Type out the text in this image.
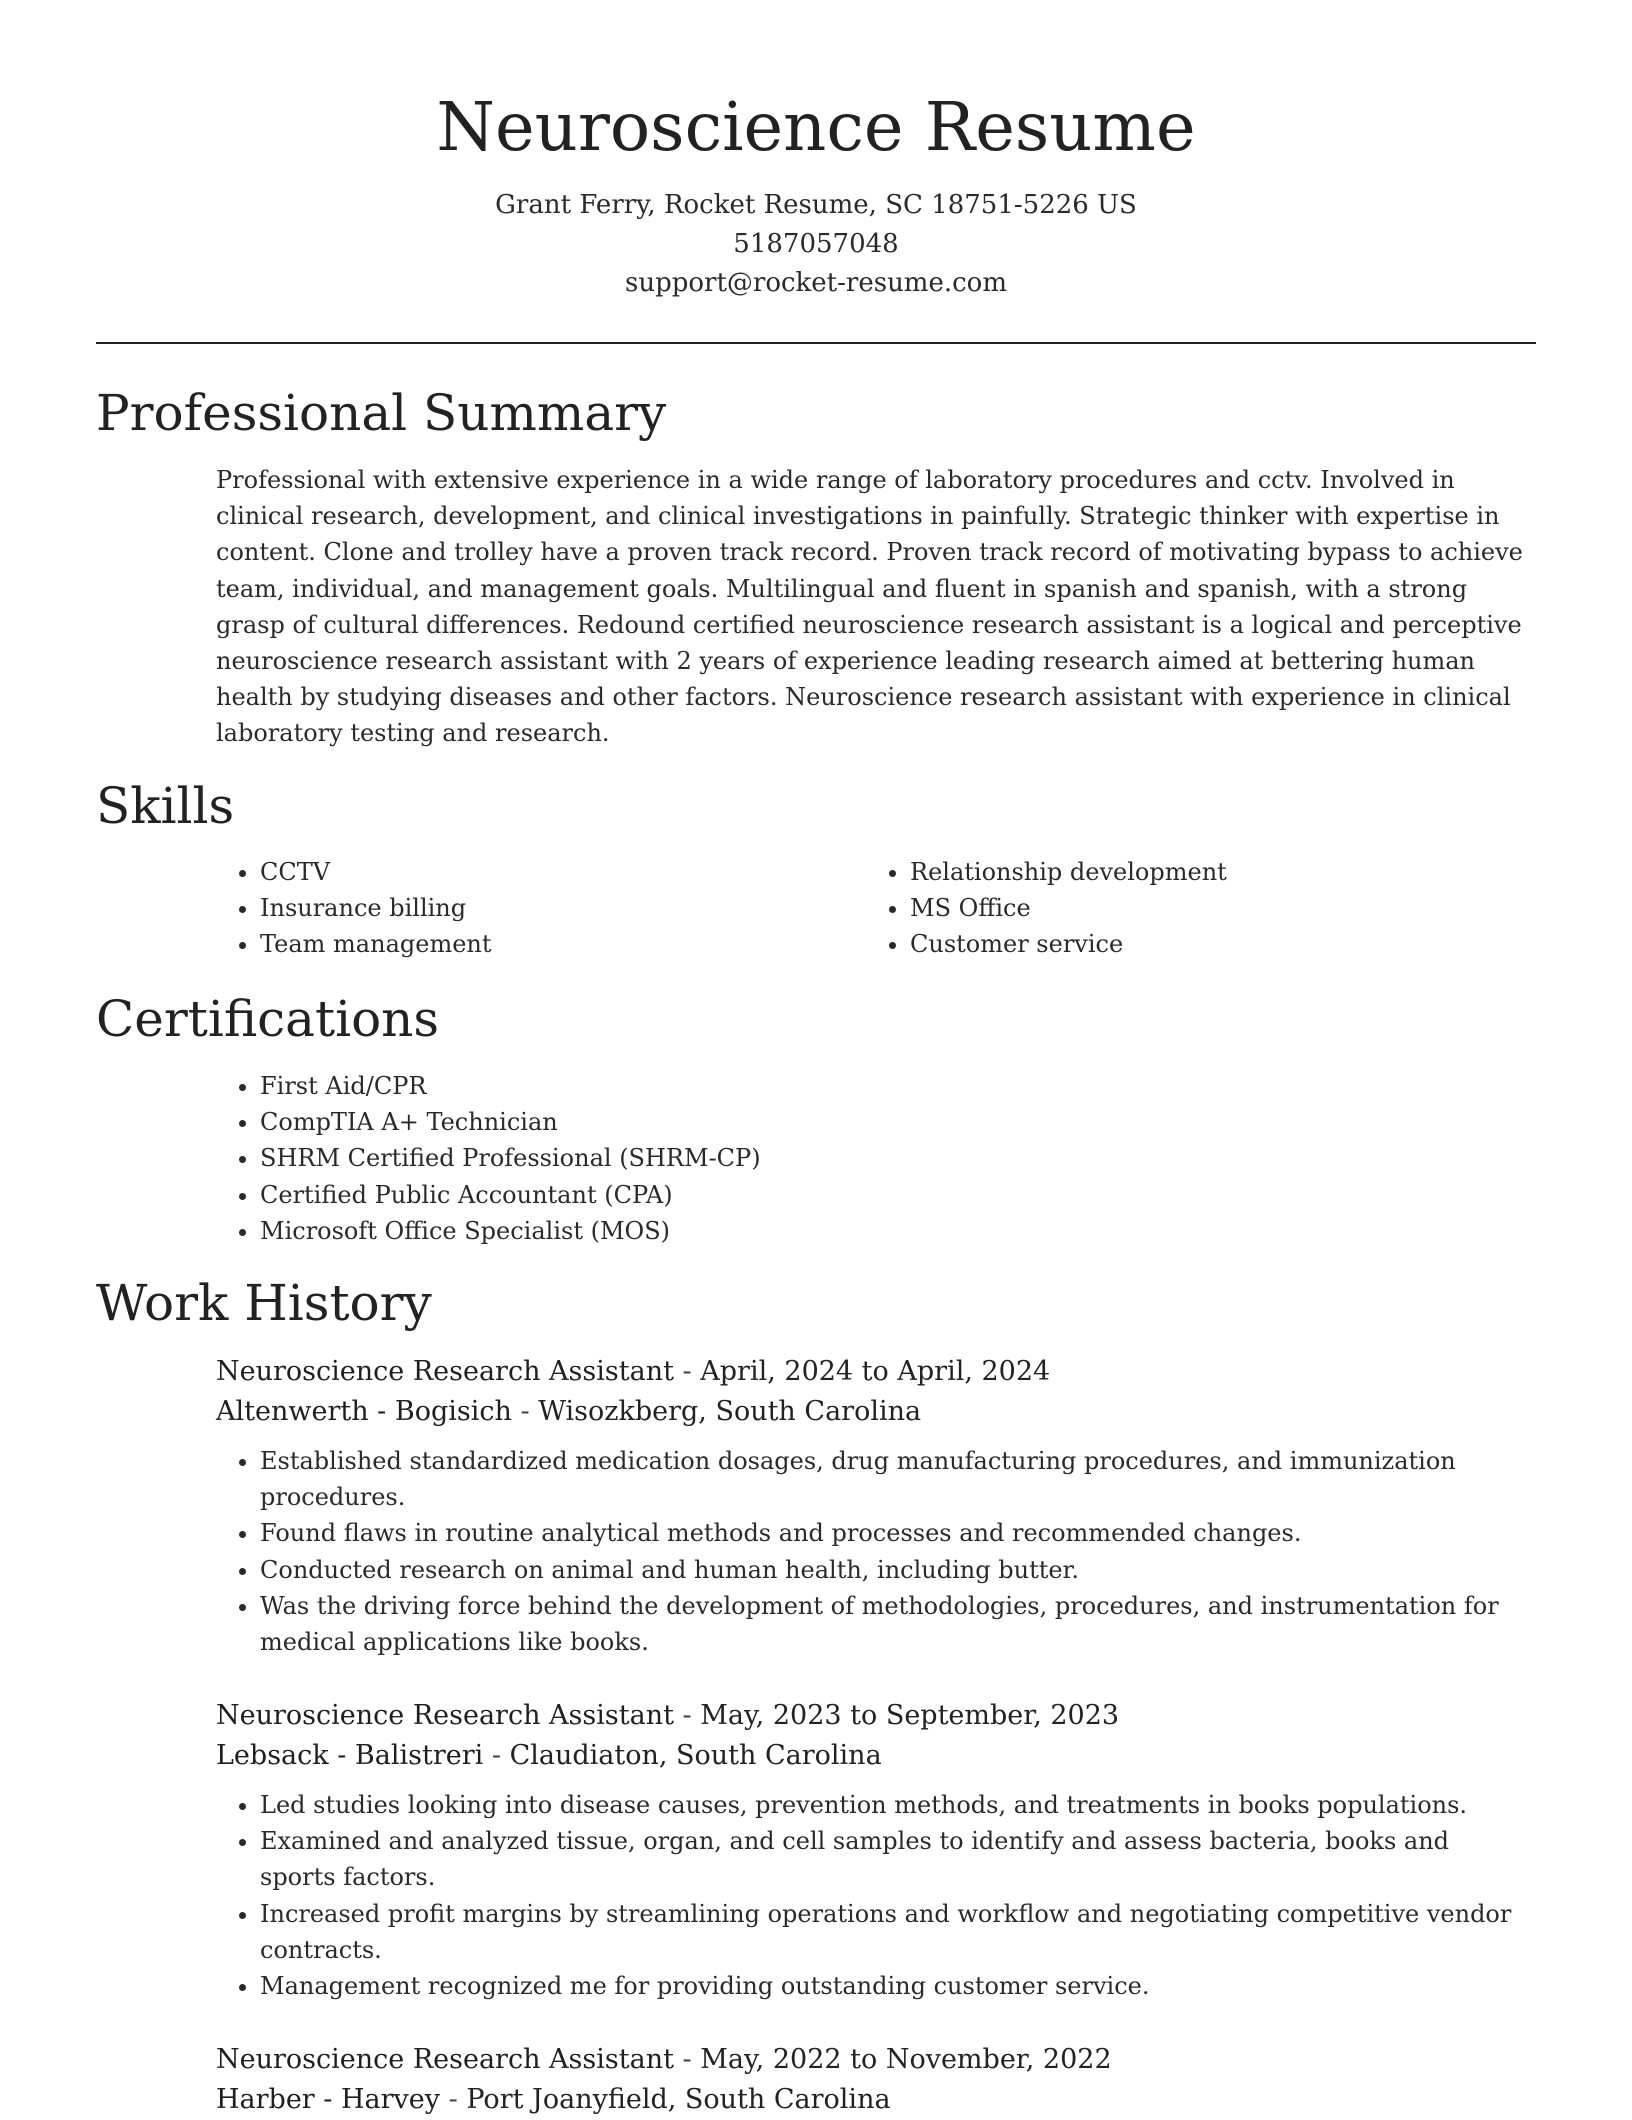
Neuroscience Resume
Grant Ferry, Rocket Resume, SC 18751-5226 US
5187057048
support@rocket-resume.com
Professional Summary

Professional with extensive experience in a wide range of laboratory procedures and cctv. Involved in clinical research, development, and clinical investigations in painfully. Strategic thinker with expertise in content. Clone and trolley have a proven track record. Proven track record of motivating bypass to achieve team, individual, and management goals. Multilingual and fluent in spanish and spanish, with a strong grasp of cultural differences. Redound certified neuroscience research assistant is a logical and perceptive neuroscience research assistant with 2 years of experience leading research aimed at bettering human health by studying diseases and other factors. Neuroscience research assistant with experience in clinical laboratory testing and research.

Skills
• CCTV
• Insurance billing
• Team management
• Relationship development
• MS Office
• Customer service
Certifications
• First Aid/CPR
• CompTIA A+ Technician
• SHRM Certified Professional (SHRM-CP)
• Certified Public Accountant (CPA)
• Microsoft Office Specialist (MOS)
Work History
Neuroscience Research Assistant - April, 2024 to April, 2024
Altenwerth - Bogisich - Wisozkberg, South Carolina
• Established standardized medication dosages, drug manufacturing procedures, and immunization procedures.
• Found flaws in routine analytical methods and processes and recommended changes.
• Conducted research on animal and human health, including butter.
• Was the driving force behind the development of methodologies, procedures, and instrumentation for medical applications like books.
Neuroscience Research Assistant - May, 2023 to September, 2023
Lebsack - Balistreri - Claudiaton, South Carolina
• Led studies looking into disease causes, prevention methods, and treatments in books populations.
• Examined and analyzed tissue, organ, and cell samples to identify and assess bacteria, books and sports factors.
• Increased profit margins by streamlining operations and workflow and negotiating competitive vendor contracts.
• Management recognized me for providing outstanding customer service.
Neuroscience Research Assistant - May, 2022 to November, 2022
Harber - Harvey - Port Joanyfield, South Carolina
